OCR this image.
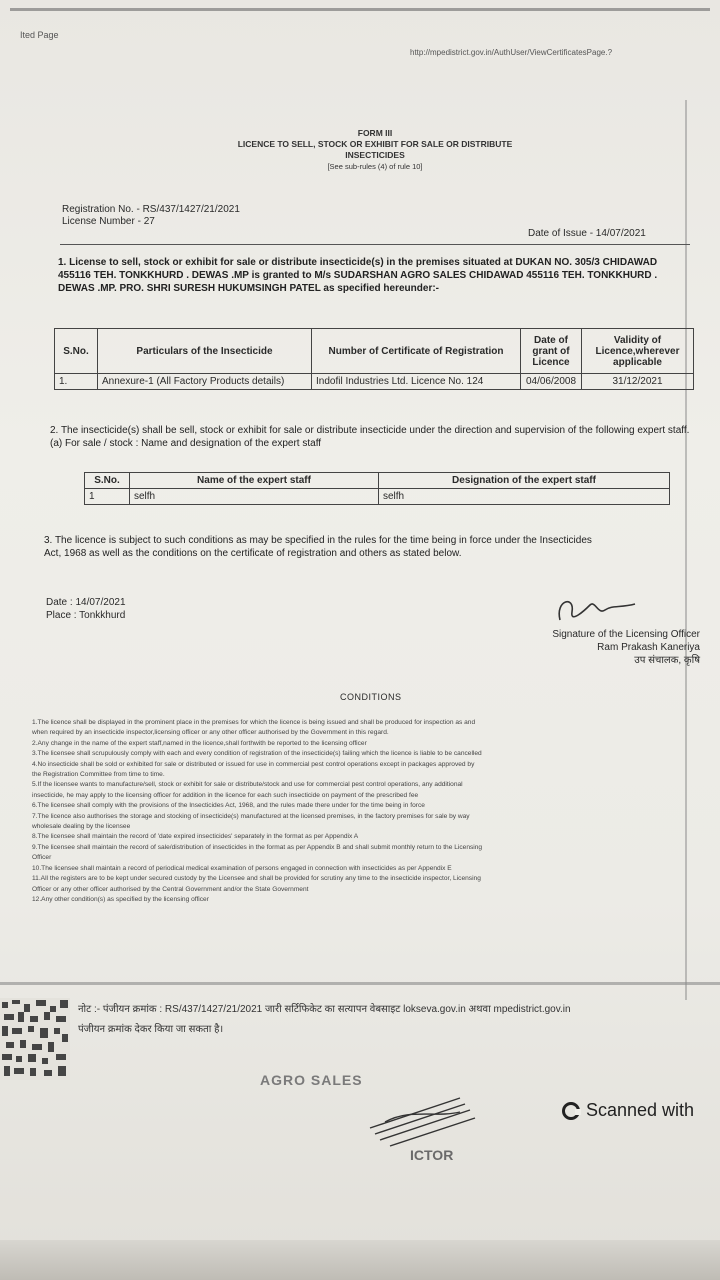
Ited Page
http://mpedistrict.gov.in/AuthUser/ViewCertificatesPage.?
FORM III
LICENCE TO SELL, STOCK OR EXHIBIT FOR SALE OR DISTRIBUTE
INSECTICIDES
[See sub-rules (4) of rule 10]
Registration No. - RS/437/1427/21/2021
License Number - 27
Date of Issue - 14/07/2021
1. License to sell, stock or exhibit for sale or distribute insecticide(s) in the premises situated at DUKAN NO. 305/3 CHIDAWAD 455116 TEH. TONKKHURD . DEWAS .MP is granted to M/s SUDARSHAN AGRO SALES CHIDAWAD 455116 TEH. TONKKHURD . DEWAS .MP. PRO. SHRI SURESH HUKUMSINGH PATEL as specified hereunder:-
S.No.	Particulars of the Insecticide	Number of Certificate of Registration	Date of grant of Licence	Validity of Licence,wherever applicable
1.	Annexure-1 (All Factory Products details)	Indofil Industries Ltd. Licence No. 124	04/06/2008	31/12/2021
2. The insecticide(s) shall be sell, stock or exhibit for sale or distribute insecticide under the direction and supervision of the following expert staff.
(a) For sale / stock : Name and designation of the expert staff
S.No.	Name of the expert staff	Designation of the expert staff
1	selfh	selfh
3. The licence is subject to such conditions as may be specified in the rules for the time being in force under the Insecticides
Act, 1968 as well as the conditions on the certificate of registration and others as stated below.
Date : 14/07/2021
Place : Tonkkhurd
Signature of the Licensing Officer
Ram Prakash Kaneriya
उप संचालक, कृषि
CONDITIONS
1.The licence shall be displayed in the prominent place in the premises for which the licence is being issued and shall be produced for inspection as and
when required by an insecticide inspector,licensing officer or any other officer authorised by the Government in this regard.
2.Any change in the name of the expert staff,named in the licence,shall forthwith be reported to the licensing officer
3.The licensee shall scrupulously comply with each and every condition of registration of the insecticide(s) failing which the licence is liable to be cancelled
4.No insecticide shall be sold or exhibited for sale or distributed or issued for use in commercial pest control operations except in packages approved by
the Registration Committee from time to time.
5.If the licensee wants to manufacture/sell, stock or exhibit for sale or distribute/stock and use for commercial pest control operations, any additional
insecticide, he may apply to the licensing officer for addition in the licence for each such insecticide on payment of the prescribed fee
6.The licensee shall comply with the provisions of the Insecticides Act, 1968, and the rules made there under for the time being in force
7.The licence also authorises the storage and stocking of insecticide(s) manufactured at the licensed premises, in the factory premises for sale by way
wholesale dealing by the licensee
8.The licensee shall maintain the record of 'date expired insecticides' separately in the format as per Appendix A
9.The licensee shall maintain the record of sale/distribution of insecticides in the format as per Appendix B and shall submit monthly return to the Licensing
Officer
10.The licensee shall maintain a record of periodical medical examination of persons engaged in connection with insecticides as per Appendix E
11.All the registers are to be kept under secured custody by the Licensee and shall be provided for scrutiny any time to the insecticide inspector, Licensing
Officer or any other officer authorised by the Central Government and/or the State Government
12.Any other condition(s) as specified by the licensing officer
नोट :- पंजीयन क्रमांक : RS/437/1427/21/2021 जारी सर्टिफिकेट का सत्यापन वेबसाइट lokseva.gov.in अथवा mpedistrict.gov.in
पंजीयन क्रमांक देकर किया जा सकता है।
ICTOR
AGRO SALES
Scanned with
